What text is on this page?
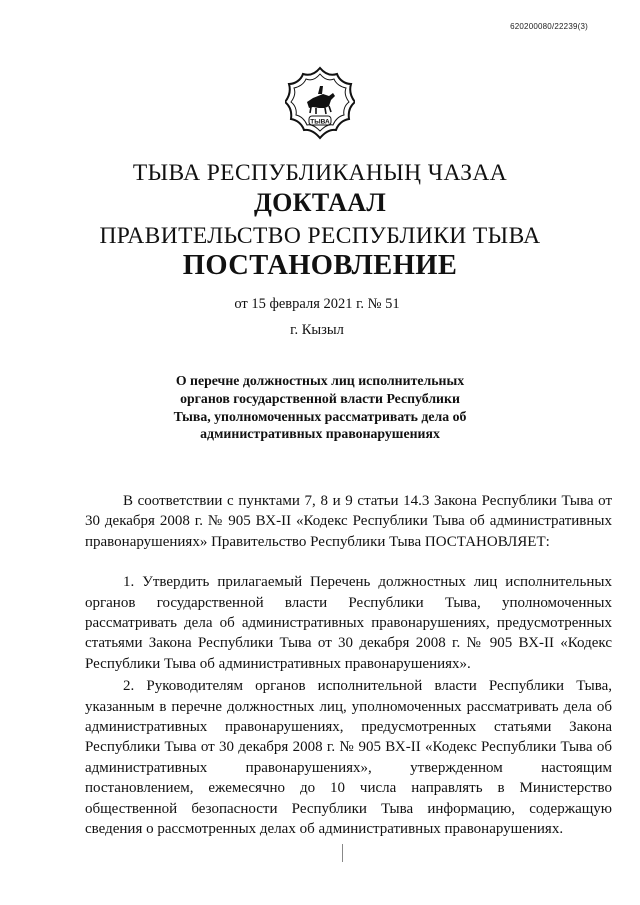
620200080/22239(3)
ТЫВА
ТЫВА РЕСПУБЛИКАНЫҢ ЧАЗАА
ДОКТААЛ
ПРАВИТЕЛЬСТВО РЕСПУБЛИКИ ТЫВА
ПОСТАНОВЛЕНИЕ
от 15 февраля 2021 г. № 51
г. Кызыл
О перечне должностных лиц исполнительных органов государственной власти Республики Тыва, уполномоченных рассматривать дела об административных правонарушениях

В соответствии с пунктами 7, 8 и 9 статьи 14.3 Закона Республики Тыва от 30 декабря 2008 г. № 905 ВХ-II «Кодекс Республики Тыва об административных правонарушениях» Правительство Республики Тыва ПОСТАНОВЛЯЕТ:

1. Утвердить прилагаемый Перечень должностных лиц исполнительных органов государственной власти Республики Тыва, уполномоченных рассматривать дела об административных правонарушениях, предусмотренных статьями Закона Республики Тыва от 30 декабря 2008 г. № 905 ВХ-II «Кодекс Республики Тыва об административных правонарушениях».

2. Руководителям органов исполнительной власти Республики Тыва, указанным в перечне должностных лиц, уполномоченных рассматривать дела об административных правонарушениях, предусмотренных статьями Закона Республики Тыва от 30 декабря 2008 г. № 905 ВХ-II «Кодекс Республики Тыва об административных правонарушениях», утвержденном настоящим постановлением, ежемесячно до 10 числа направлять в Министерство общественной безопасности Республики Тыва информацию, содержащую сведения о рассмотренных делах об административных правонарушениях.
